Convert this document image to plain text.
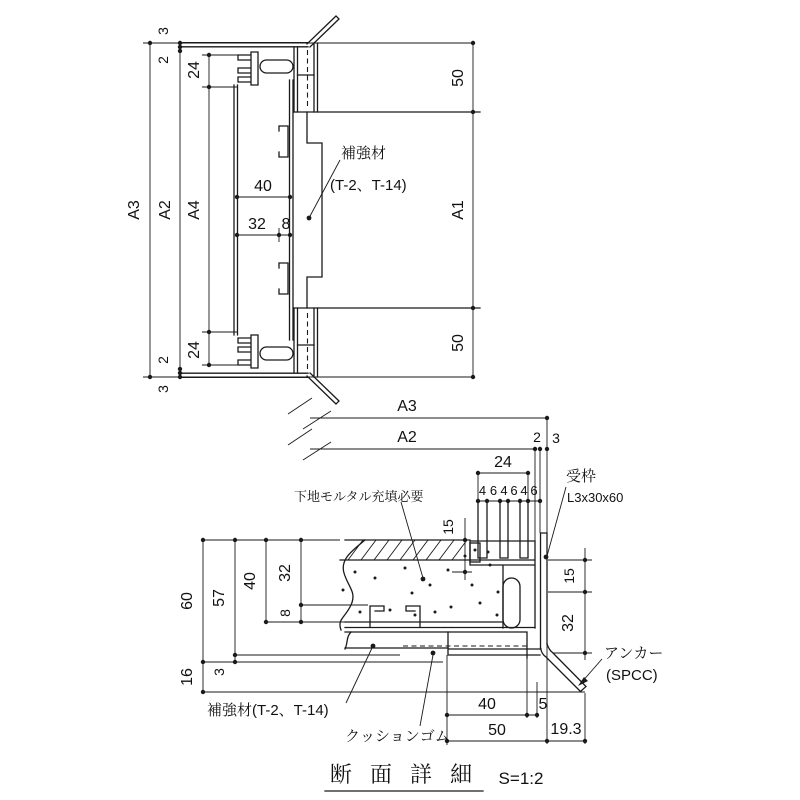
40
32 8
A3 A2 A4	A1
50
50
24
24
3
2
2
3
補強材
(T-2、T-14)
A3
A2	2 3
24
4 6 4 6 4 6
15
15
32
60
16
57
3
40 32
8
40	5
50	19.3
下地モルタル充填必要
受枠
L3x30x60
アンカー
(SPCC)
補強材(T-2、T-14)
クッションゴム
断 面 詳 細 S=1:2
